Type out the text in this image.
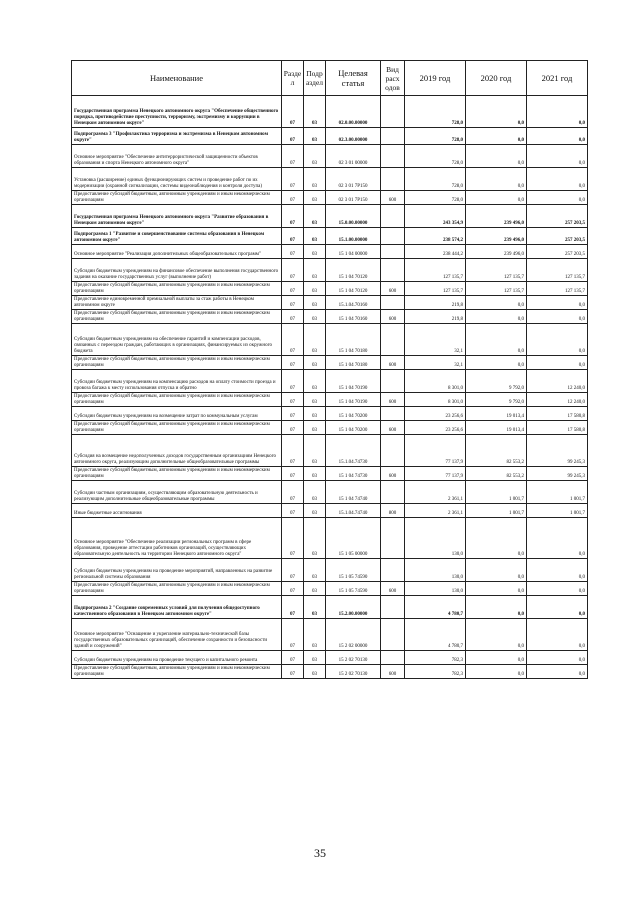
Наименование	Разде л	Подр аздел	Целевая статья	Вид расх одов	2019 год	2020 год	2021 год
Государственная программа Ненецкого автономного округа "Обеспечение общественного порядка, противодействие преступности, терроризму, экстремизму и коррупции в Ненецком автономном округе"	07	03	02.0.00.00000		728,0	0,0	0,0
Подпрограмма 3 "Профилактика терроризма и экстремизма в Ненецком автономном округе"	07	03	02.3.00.00000		728,0	0,0	0,0
Основное мероприятие "Обеспечение антитеррористической защищенности объектов образования и спорта Ненецкого автономного округа"	07	03	02 3 01 00000		728,0	0,0	0,0
Установка (расширение) единых функционирующих систем и проведение работ по их модернизации (охранной сигнализации, системы видеонаблюдения и контроля доступа)	07	03	02 3 01 7Р150		728,0	0,0	0,0
Предоставление субсидий бюджетным, автономным учреждениям и иным некоммерческим организациям	07	03	02 3 01 7Р150	600	728,0	0,0	0,0
Государственная программа Ненецкого автономного округа "Развитие образования в Ненецком автономном округе"	07	03	15.0.00.00000		243 354,9	239 496,0	257 203,5
Подпрограмма 1 "Развитие и совершенствование системы образования в Ненецком автономном округе"	07	03	15.1.00.00000		238 574,2	239 496,0	257 203,5
Основное мероприятие "Реализация дополнительных общеобразовательных программ"	07	03	15 1 04 00000		238 444,2	239 496,0	257 203,5
Субсидии бюджетным учреждениям на финансовое обеспечение выполнения государственного задания на оказание государственных услуг (выполнение работ)	07	03	15 1 04 70120		127 135,7	127 135,7	127 135,7
Предоставление субсидий бюджетным, автономным учреждениям и иным некоммерческим организациям	07	03	15 1 04 70120	600	127 135,7	127 135,7	127 135,7
Предоставление единовременной премиальной выплаты за стаж работы в Ненецком автономном округе	07	03	15.1.04.70160		219,8	0,0	0,0
Предоставление субсидий бюджетным, автономным учреждениям и иным некоммерческим организациям	07	03	15 1 04 70160	600	219,8	0,0	0,0
Субсидии бюджетным учреждениям на обеспечение гарантий и компенсации расходов, связанных с переездом граждан, работающих в организациях, финансируемых из окружного бюджета	07	03	15 1 04 70180		32,1	0,0	0,0
Предоставление субсидий бюджетным, автономным учреждениям и иным некоммерческим организациям	07	03	15 1 04 70180	600	32,1	0,0	0,0
Субсидии бюджетным учреждениям на компенсацию расходов на оплату стоимости проезда и провоза багажа к месту использования отпуска и обратно	07	03	15 1 04 70190		8 301,0	9 792,0	12 240,0
Предоставление субсидий бюджетным, автономным учреждениям и иным некоммерческим организациям	07	03	15 1 04 70190	600	8 301,0	9 792,0	12 240,0
Субсидии бюджетным учреждениям на возмещение затрат по коммунальным услугам	07	03	15 1 04 70200		23 256,6	19 013,4	17 580,8
Предоставление субсидий бюджетным, автономным учреждениям и иным некоммерческим организациям	07	03	15 1 04 70200	600	23 256,6	19 013,4	17 580,8
Субсидия на возмещение недополученных доходов государственным организациям Ненецкого автономного округа, реализующим дополнительные общеобразовательные программы	07	03	15.1.04.74730		77 137,9	82 553,2	99 245,3
Предоставление субсидий бюджетным, автономным учреждениям и иным некоммерческим организациям	07	03	15 1 04 74730	600	77 137,9	82 553,2	99 245,3
Субсидии частным организациям, осуществляющим образовательную деятельность и реализующим дополнительные общеобразовательные программы	07	03	15 1 04 74740		2 361,1	1 001,7	1 001,7
Иные бюджетные ассигнования	07	03	15.1.04.74740	800	2 361,1	1 001,7	1 001,7
Основное мероприятие "Обеспечение реализации региональных программ в сфере образования, проведение аттестации работников организаций, осуществляющих образовательную деятельность на территории Ненецкого автономного округа"	07	03	15 1 05 00000		130,0	0,0	0,0
Субсидии бюджетным учреждениям на проведение мероприятий, направленных на развитие региональной системы образования	07	03	15 1 05 74590		130,0	0,0	0,0
Предоставление субсидий бюджетным, автономным учреждениям и иным некоммерческим организациям	07	03	15 1 05 74590	600	130,0	0,0	0,0
Подпрограмма 2 "Создание современных условий для получения общедоступного качественного образования в Ненецком автономном округе"	07	03	15.2.00.00000		4 780,7	0,0	0,0
Основное мероприятие "Оснащение и укрепление материально-технической базы государственных образовательных организаций, обеспечение сохранности и безопасности зданий и сооружений"	07	03	15 2 02 00000		4 780,7	0,0	0,0
Субсидии бюджетным учреждениям на проведение текущего и капитального ремонта	07	03	15 2 02 70130		782,3	0,0	0,0
Предоставление субсидий бюджетным, автономным учреждениям и иным некоммерческим организациям	07	03	15 2 02 70130	600	782,3	0,0	0,0
35
